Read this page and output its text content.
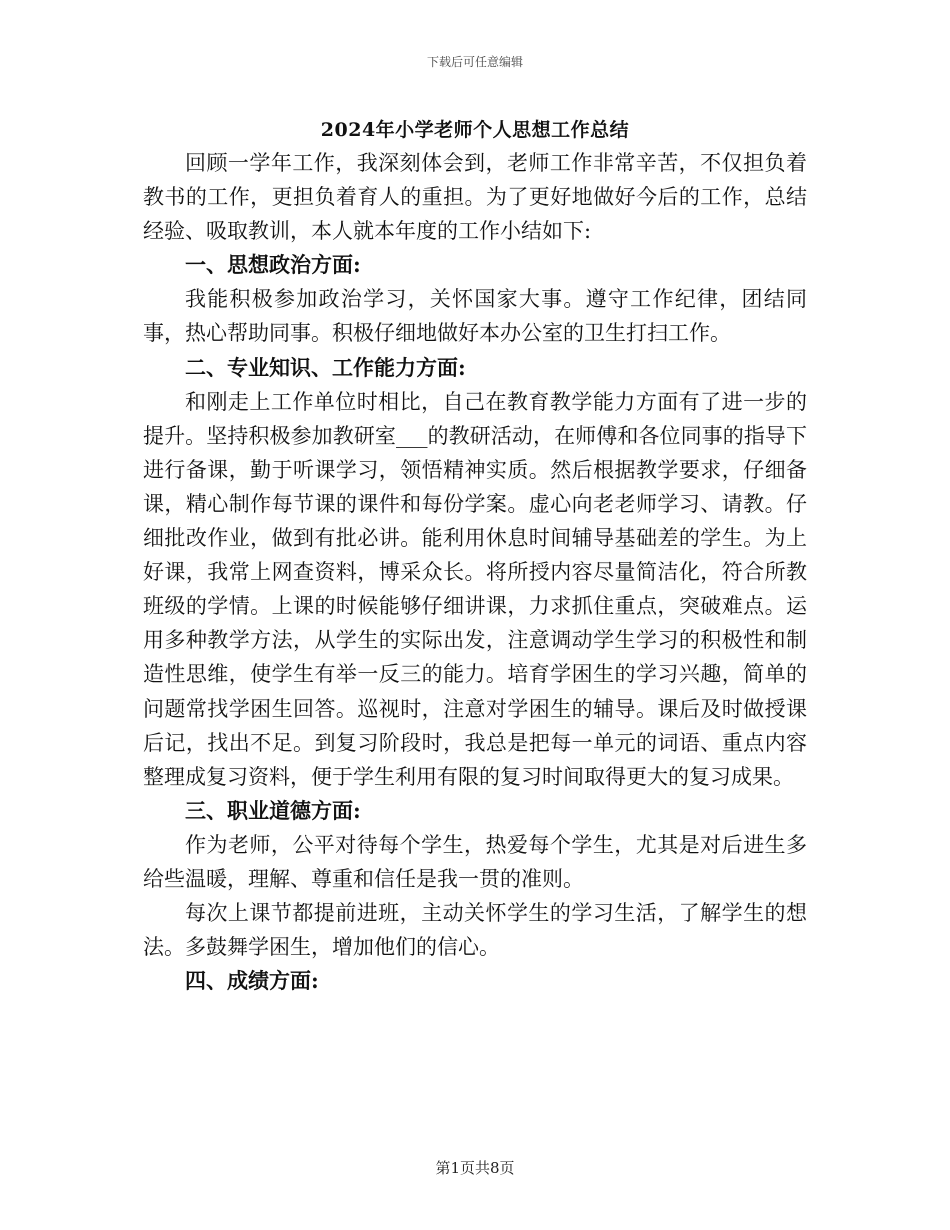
下载后可任意编辑
2024年小学老师个人思想工作总结

回顾一学年工作，我深刻体会到，老师工作非常辛苦，不仅担负着教书的工作，更担负着育人的重担。为了更好地做好今后的工作，总结经验、吸取教训，本人就本年度的工作小结如下:

一、思想政治方面:

我能积极参加政治学习，关怀国家大事。遵守工作纪律，团结同事，热心帮助同事。积极仔细地做好本办公室的卫生打扫工作。

二、专业知识、工作能力方面:

和刚走上工作单位时相比，自己在教育教学能力方面有了进一步的提升。坚持积极参加教研室___的教研活动，在师傅和各位同事的指导下进行备课，勤于听课学习，领悟精神实质。然后根据教学要求，仔细备课，精心制作每节课的课件和每份学案。虚心向老老师学习、请教。仔细批改作业，做到有批必讲。能利用休息时间辅导基础差的学生。为上好课，我常上网查资料，博采众长。将所授内容尽量简洁化，符合所教班级的学情。上课的时候能够仔细讲课，力求抓住重点，突破难点。运用多种教学方法，从学生的实际出发，注意调动学生学习的积极性和制造性思维，使学生有举一反三的能力。培育学困生的学习兴趣，简单的问题常找学困生回答。巡视时，注意对学困生的辅导。课后及时做授课后记，找出不足。到复习阶段时，我总是把每一单元的词语、重点内容整理成复习资料，便于学生利用有限的复习时间取得更大的复习成果。

三、职业道德方面:

作为老师，公平对待每个学生，热爱每个学生，尤其是对后进生多给些温暖，理解、尊重和信任是我一贯的准则。

每次上课节都提前进班，主动关怀学生的学习生活，了解学生的想法。多鼓舞学困生，增加他们的信心。

四、成绩方面:

第1页共8页
